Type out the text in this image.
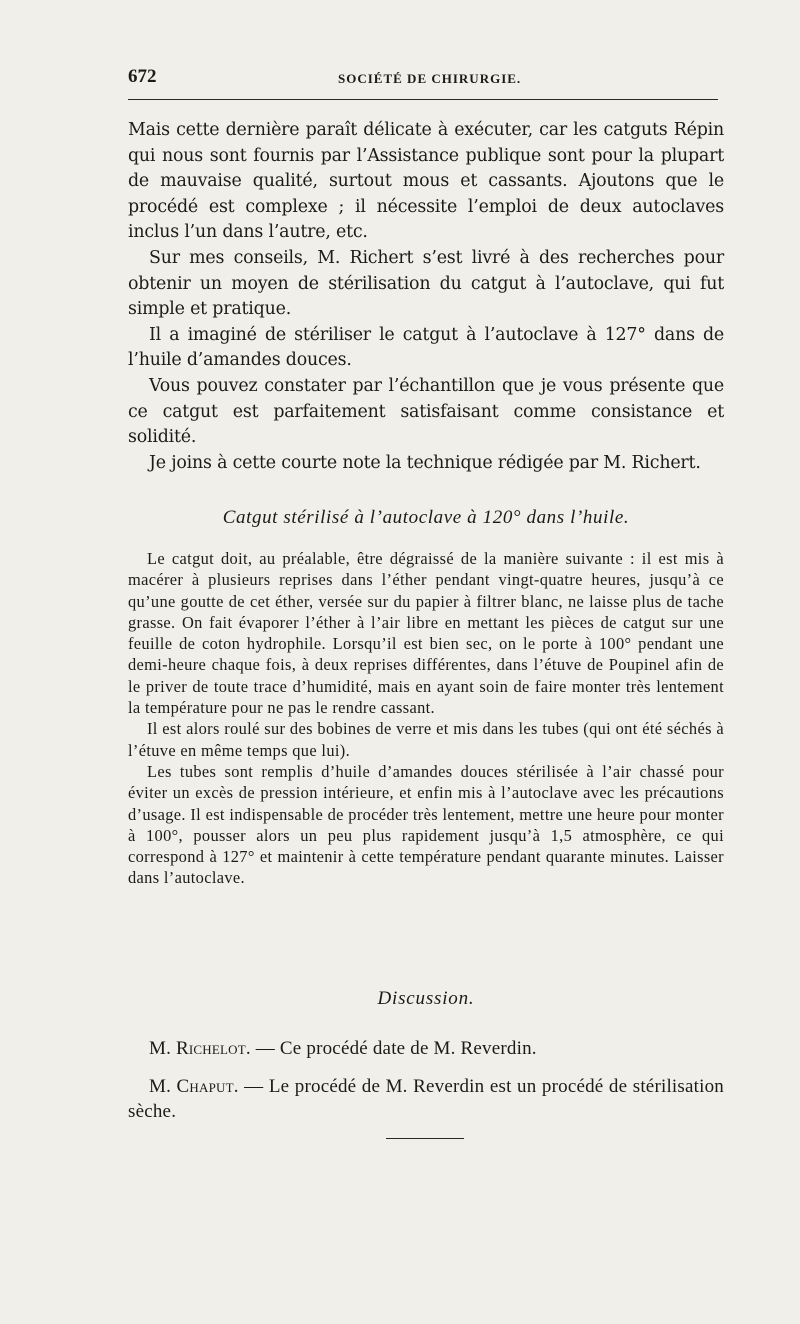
672	SOCIÉTÉ DE CHIRURGIE.

Mais cette dernière paraît délicate à exécuter, car les catguts Répin qui nous sont fournis par l’Assistance publique sont pour la plupart de mauvaise qualité, surtout mous et cassants. Ajoutons que le procédé est complexe ; il nécessite l’emploi de deux autoclaves inclus l’un dans l’autre, etc.

Sur mes conseils, M. Richert s’est livré à des recherches pour obtenir un moyen de stérilisation du catgut à l’autoclave, qui fut simple et pratique.

Il a imaginé de stériliser le catgut à l’autoclave à 127° dans de l’huile d’amandes douces.

Vous pouvez constater par l’échantillon que je vous présente que ce catgut est parfaitement satisfaisant comme consistance et solidité.

Je joins à cette courte note la technique rédigée par M. Richert.

Catgut stérilisé à l’autoclave à 120° dans l’huile.

Le catgut doit, au préalable, être dégraissé de la manière suivante : il est mis à macérer à plusieurs reprises dans l’éther pendant vingt-quatre heures, jusqu’à ce qu’une goutte de cet éther, versée sur du papier à filtrer blanc, ne laisse plus de tache grasse. On fait évaporer l’éther à l’air libre en mettant les pièces de catgut sur une feuille de coton hydrophile. Lorsqu’il est bien sec, on le porte à 100° pendant une demi-heure chaque fois, à deux reprises différentes, dans l’étuve de Poupinel afin de le priver de toute trace d’humidité, mais en ayant soin de faire monter très lentement la température pour ne pas le rendre cassant.

Il est alors roulé sur des bobines de verre et mis dans les tubes (qui ont été séchés à l’étuve en même temps que lui).

Les tubes sont remplis d’huile d’amandes douces stérilisée à l’air chassé pour éviter un excès de pression intérieure, et enfin mis à l’autoclave avec les précautions d’usage. Il est indispensable de procéder très lentement, mettre une heure pour monter à 100°, pousser alors un peu plus rapidement jusqu’à 1,5 atmosphère, ce qui correspond à 127° et maintenir à cette température pendant quarante minutes. Laisser dans l’autoclave.

Discussion.

M. Richelot. — Ce procédé date de M. Reverdin.

M. Chaput. — Le procédé de M. Reverdin est un procédé de stérilisation sèche.
